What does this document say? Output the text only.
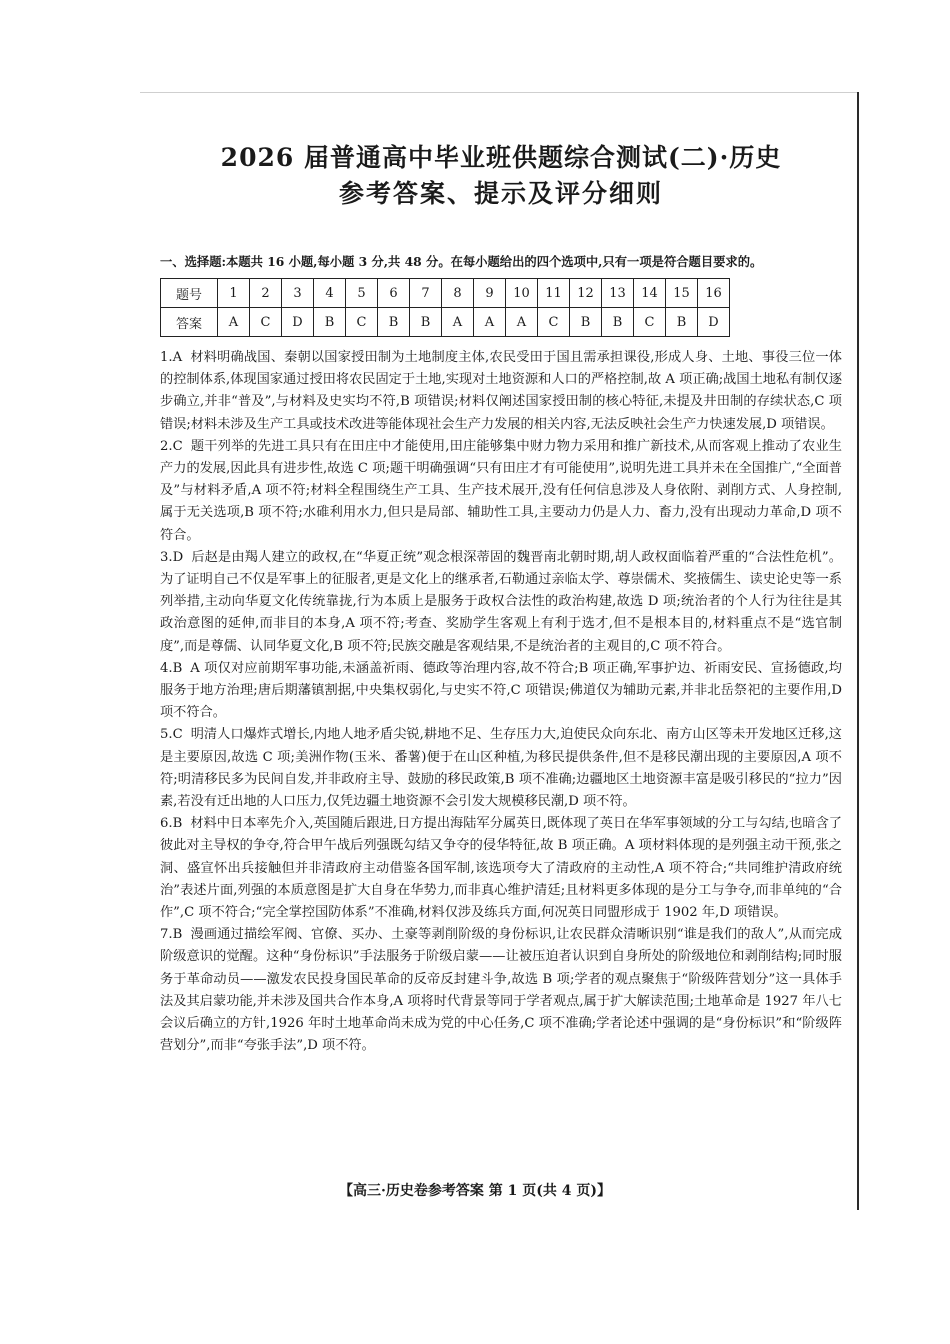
2026 届普通高中毕业班供题综合测试(二)·历史
参考答案、提示及评分细则
一、选择题:本题共 16 小题,每小题 3 分,共 48 分。在每小题给出的四个选项中,只有一项是符合题目要求的。
题号	1	2	3	4	5	6	7	8	9	10	11	12	13	14	15	16
答案	A	C	D	B	C	B	B	A	A	A	C	B	B	C	B	D
1.A 材料明确战国、秦朝以国家授田制为土地制度主体,农民受田于国且需承担课役,形成人身、土地、事役三位一体的控制体系,体现国家通过授田将农民固定于土地,实现对土地资源和人口的严格控制,故 A 项正确;战国土地私有制仅逐步确立,并非“普及”,与材料及史实均不符,B 项错误;材料仅阐述国家授田制的核心特征,未提及井田制的存续状态,C 项错误;材料未涉及生产工具或技术改进等能体现社会生产力发展的相关内容,无法反映社会生产力快速发展,D 项错误。
2.C 题干列举的先进工具只有在田庄中才能使用,田庄能够集中财力物力采用和推广新技术,从而客观上推动了农业生产力的发展,因此具有进步性,故选 C 项;题干明确强调“只有田庄才有可能使用”,说明先进工具并未在全国推广,“全面普及”与材料矛盾,A 项不符;材料全程围绕生产工具、生产技术展开,没有任何信息涉及人身依附、剥削方式、人身控制,属于无关选项,B 项不符;水碓利用水力,但只是局部、辅助性工具,主要动力仍是人力、畜力,没有出现动力革命,D 项不符合。
3.D 后赵是由羯人建立的政权,在“华夏正统”观念根深蒂固的魏晋南北朝时期,胡人政权面临着严重的“合法性危机”。为了证明自己不仅是军事上的征服者,更是文化上的继承者,石勒通过亲临太学、尊崇儒术、奖掖儒生、读史论史等一系列举措,主动向华夏文化传统靠拢,行为本质上是服务于政权合法性的政治构建,故选 D 项;统治者的个人行为往往是其政治意图的延伸,而非目的本身,A 项不符;考查、奖励学生客观上有利于选才,但不是根本目的,材料重点不是“选官制度”,而是尊儒、认同华夏文化,B 项不符;民族交融是客观结果,不是统治者的主观目的,C 项不符合。
4.B A 项仅对应前期军事功能,未涵盖祈雨、德政等治理内容,故不符合;B 项正确,军事护边、祈雨安民、宣扬德政,均服务于地方治理;唐后期藩镇割据,中央集权弱化,与史实不符,C 项错误;佛道仅为辅助元素,并非北岳祭祀的主要作用,D 项不符合。
5.C 明清人口爆炸式增长,内地人地矛盾尖锐,耕地不足、生存压力大,迫使民众向东北、南方山区等未开发地区迁移,这是主要原因,故选 C 项;美洲作物(玉米、番薯)便于在山区种植,为移民提供条件,但不是移民潮出现的主要原因,A 项不符;明清移民多为民间自发,并非政府主导、鼓励的移民政策,B 项不准确;边疆地区土地资源丰富是吸引移民的“拉力”因素,若没有迁出地的人口压力,仅凭边疆土地资源不会引发大规模移民潮,D 项不符。
6.B 材料中日本率先介入,英国随后跟进,日方提出海陆军分属英日,既体现了英日在华军事领域的分工与勾结,也暗含了彼此对主导权的争夺,符合甲午战后列强既勾结又争夺的侵华特征,故 B 项正确。A 项材料体现的是列强主动干预,张之洞、盛宣怀出兵接触但并非清政府主动借鉴各国军制,该选项夸大了清政府的主动性,A 项不符合;“共同维护清政府统治”表述片面,列强的本质意图是扩大自身在华势力,而非真心维护清廷;且材料更多体现的是分工与争夺,而非单纯的“合作”,C 项不符合;“完全掌控国防体系”不准确,材料仅涉及练兵方面,何况英日同盟形成于 1902 年,D 项错误。
7.B 漫画通过描绘军阀、官僚、买办、土豪等剥削阶级的身份标识,让农民群众清晰识别“谁是我们的敌人”,从而完成阶级意识的觉醒。这种“身份标识”手法服务于阶级启蒙——让被压迫者认识到自身所处的阶级地位和剥削结构;同时服务于革命动员——激发农民投身国民革命的反帝反封建斗争,故选 B 项;学者的观点聚焦于“阶级阵营划分”这一具体手法及其启蒙功能,并未涉及国共合作本身,A 项将时代背景等同于学者观点,属于扩大解读范围;土地革命是 1927 年八七会议后确立的方针,1926 年时土地革命尚未成为党的中心任务,C 项不准确;学者论述中强调的是“身份标识”和“阶级阵营划分”,而非“夸张手法”,D 项不符。
【高三·历史卷参考答案 第 1 页(共 4 页)】
